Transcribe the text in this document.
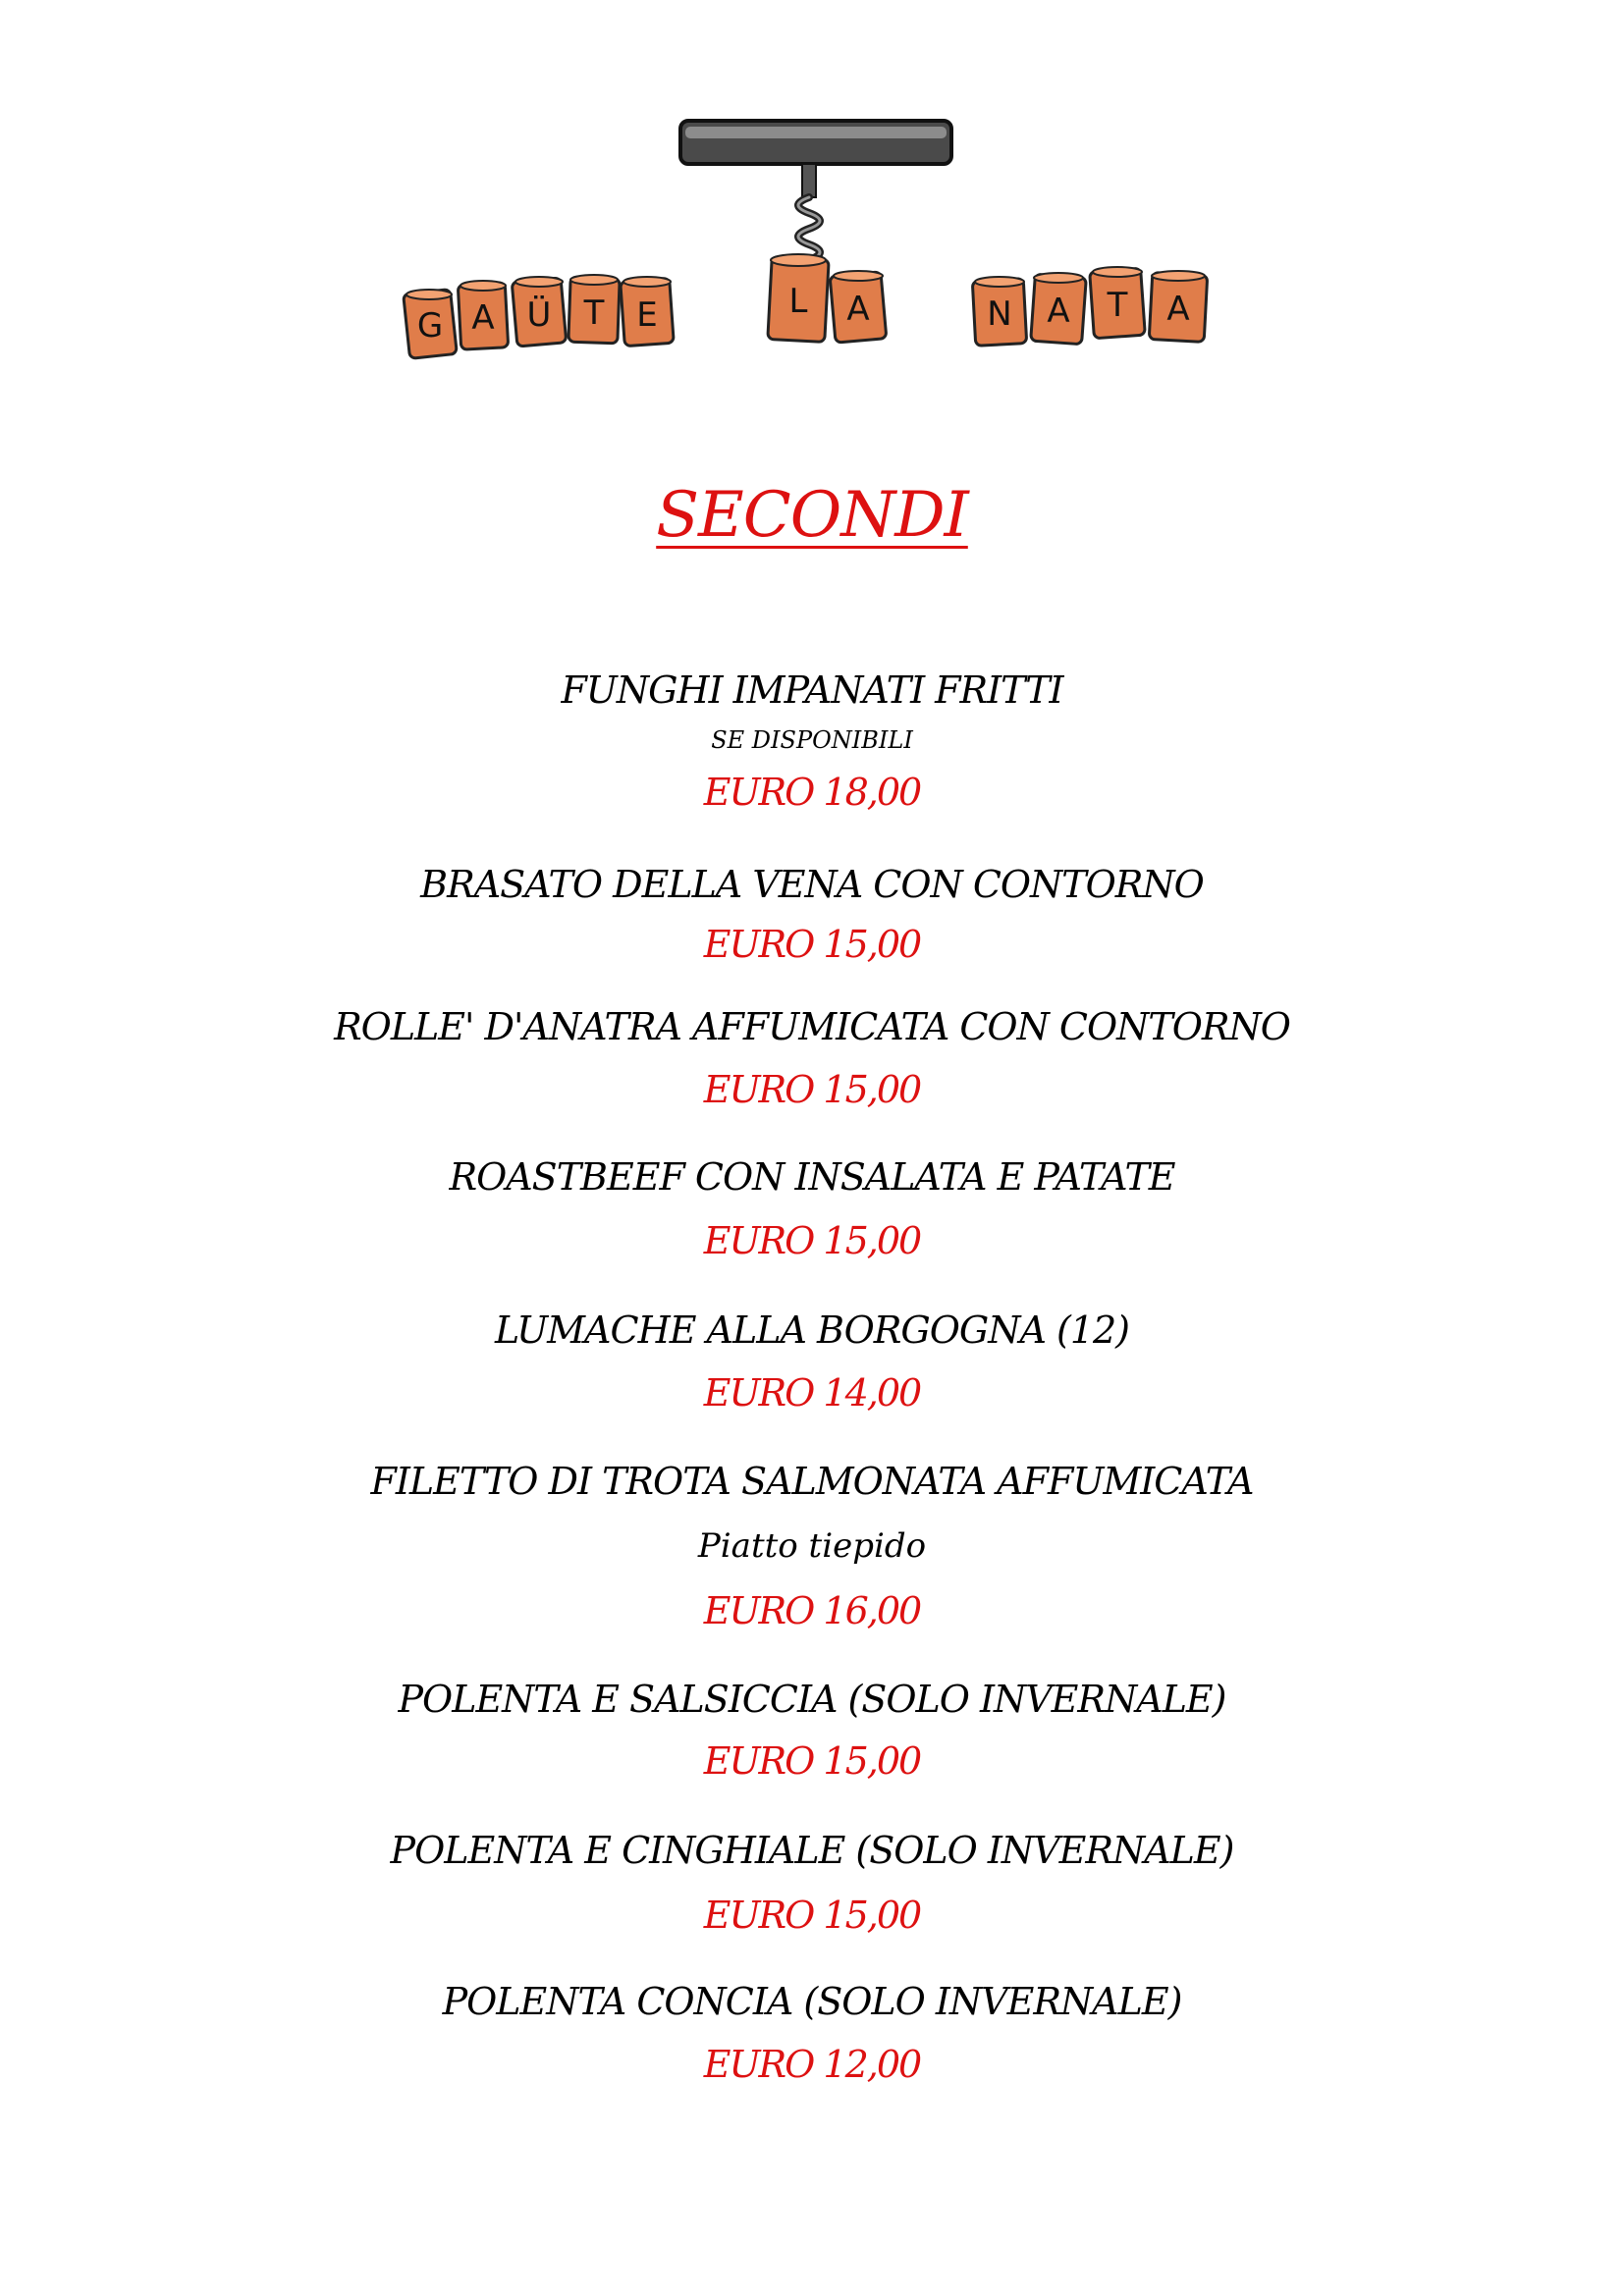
G A Ü T E	L A	N A T A
SECONDI
FUNGHI IMPANATI FRITTI
SE DISPONIBILI
EURO 18,00
BRASATO DELLA VENA CON CONTORNO
EURO 15,00
ROLLE' D'ANATRA AFFUMICATA CON CONTORNO
EURO 15,00
ROASTBEEF CON INSALATA E PATATE
EURO 15,00
LUMACHE ALLA BORGOGNA (12)
EURO 14,00
FILETTO DI TROTA SALMONATA AFFUMICATA
Piatto tiepido
EURO 16,00
POLENTA E SALSICCIA (SOLO INVERNALE)
EURO 15,00
POLENTA E CINGHIALE (SOLO INVERNALE)
EURO 15,00
POLENTA CONCIA (SOLO INVERNALE)
EURO 12,00
